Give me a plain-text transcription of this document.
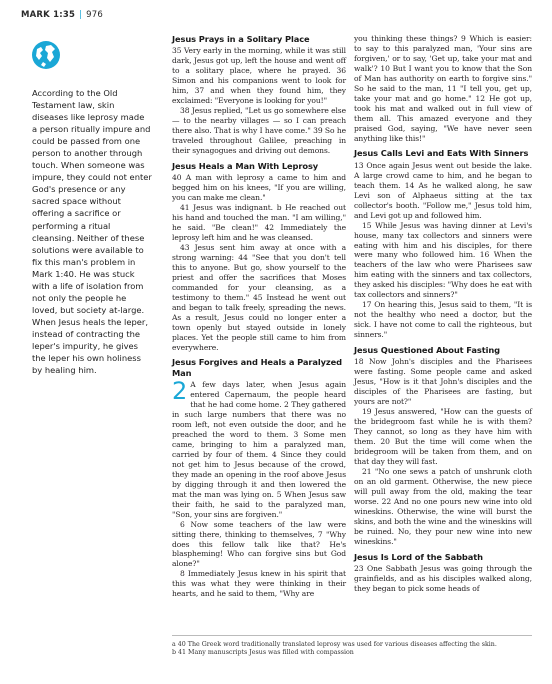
MARK 1:35 | 976

According to the Old Testament law, skin diseases like leprosy made a person ritually impure and could be passed from one person to another through touch. When someone was impure, they could not enter God's presence or any sacred space without offering a sacrifice or performing a ritual cleansing. Neither of these solutions were available to fix this man's problem in Mark 1:40. He was stuck with a life of isolation from not only the people he loved, but society at-large. When Jesus heals the leper, instead of contracting the leper's impurity, he gives the leper his own holiness by healing him.

Jesus Prays in a Solitary Place

35 Very early in the morning, while it was still dark, Jesus got up, left the house and went off to a solitary place, where he prayed. 36 Simon and his companions went to look for him, 37 and when they found him, they exclaimed: "Everyone is looking for you!"

38 Jesus replied, "Let us go somewhere else — to the nearby villages — so I can preach there also. That is why I have come." 39 So he traveled throughout Galilee, preaching in their synagogues and driving out demons.

Jesus Heals a Man With Leprosy

40 A man with leprosy a came to him and begged him on his knees, "If you are willing, you can make me clean."

41 Jesus was indignant. b He reached out his hand and touched the man. "I am willing," he said. "Be clean!" 42 Immediately the leprosy left him and he was cleansed.

43 Jesus sent him away at once with a strong warning: 44 "See that you don't tell this to anyone. But go, show yourself to the priest and offer the sacrifices that Moses commanded for your cleansing, as a testimony to them." 45 Instead he went out and began to talk freely, spreading the news. As a result, Jesus could no longer enter a town openly but stayed outside in lonely places. Yet the people still came to him from everywhere.

Jesus Forgives and Heals a Paralyzed Man

2 A few days later, when Jesus again entered Capernaum, the people heard that he had come home. 2 They gathered in such large numbers that there was no room left, not even outside the door, and he preached the word to them. 3 Some men came, bringing to him a paralyzed man, carried by four of them. 4 Since they could not get him to Jesus because of the crowd, they made an opening in the roof above Jesus by digging through it and then lowered the mat the man was lying on. 5 When Jesus saw their faith, he said to the paralyzed man, "Son, your sins are forgiven."

6 Now some teachers of the law were sitting there, thinking to themselves, 7 "Why does this fellow talk like that? He's blaspheming! Who can forgive sins but God alone?"

8 Immediately Jesus knew in his spirit that this was what they were thinking in their hearts, and he said to them, "Why are

you thinking these things? 9 Which is easier: to say to this paralyzed man, 'Your sins are forgiven,' or to say, 'Get up, take your mat and walk'? 10 But I want you to know that the Son of Man has authority on earth to forgive sins." So he said to the man, 11 "I tell you, get up, take your mat and go home." 12 He got up, took his mat and walked out in full view of them all. This amazed everyone and they praised God, saying, "We have never seen anything like this!"

Jesus Calls Levi and Eats With Sinners

13 Once again Jesus went out beside the lake. A large crowd came to him, and he began to teach them. 14 As he walked along, he saw Levi son of Alphaeus sitting at the tax collector's booth. "Follow me," Jesus told him, and Levi got up and followed him.

15 While Jesus was having dinner at Levi's house, many tax collectors and sinners were eating with him and his disciples, for there were many who followed him. 16 When the teachers of the law who were Pharisees saw him eating with the sinners and tax collectors, they asked his disciples: "Why does he eat with tax collectors and sinners?"

17 On hearing this, Jesus said to them, "It is not the healthy who need a doctor, but the sick. I have not come to call the righteous, but sinners."

Jesus Questioned About Fasting

18 Now John's disciples and the Pharisees were fasting. Some people came and asked Jesus, "How is it that John's disciples and the disciples of the Pharisees are fasting, but yours are not?"

19 Jesus answered, "How can the guests of the bridegroom fast while he is with them? They cannot, so long as they have him with them. 20 But the time will come when the bridegroom will be taken from them, and on that day they will fast.

21 "No one sews a patch of unshrunk cloth on an old garment. Otherwise, the new piece will pull away from the old, making the tear worse. 22 And no one pours new wine into old wineskins. Otherwise, the wine will burst the skins, and both the wine and the wineskins will be ruined. No, they pour new wine into new wineskins."

Jesus Is Lord of the Sabbath

23 One Sabbath Jesus was going through the grainfields, and as his disciples walked along, they began to pick some heads of

a 40 The Greek word traditionally translated leprosy was used for various diseases affecting the skin.

b 41 Many manuscripts Jesus was filled with compassion
